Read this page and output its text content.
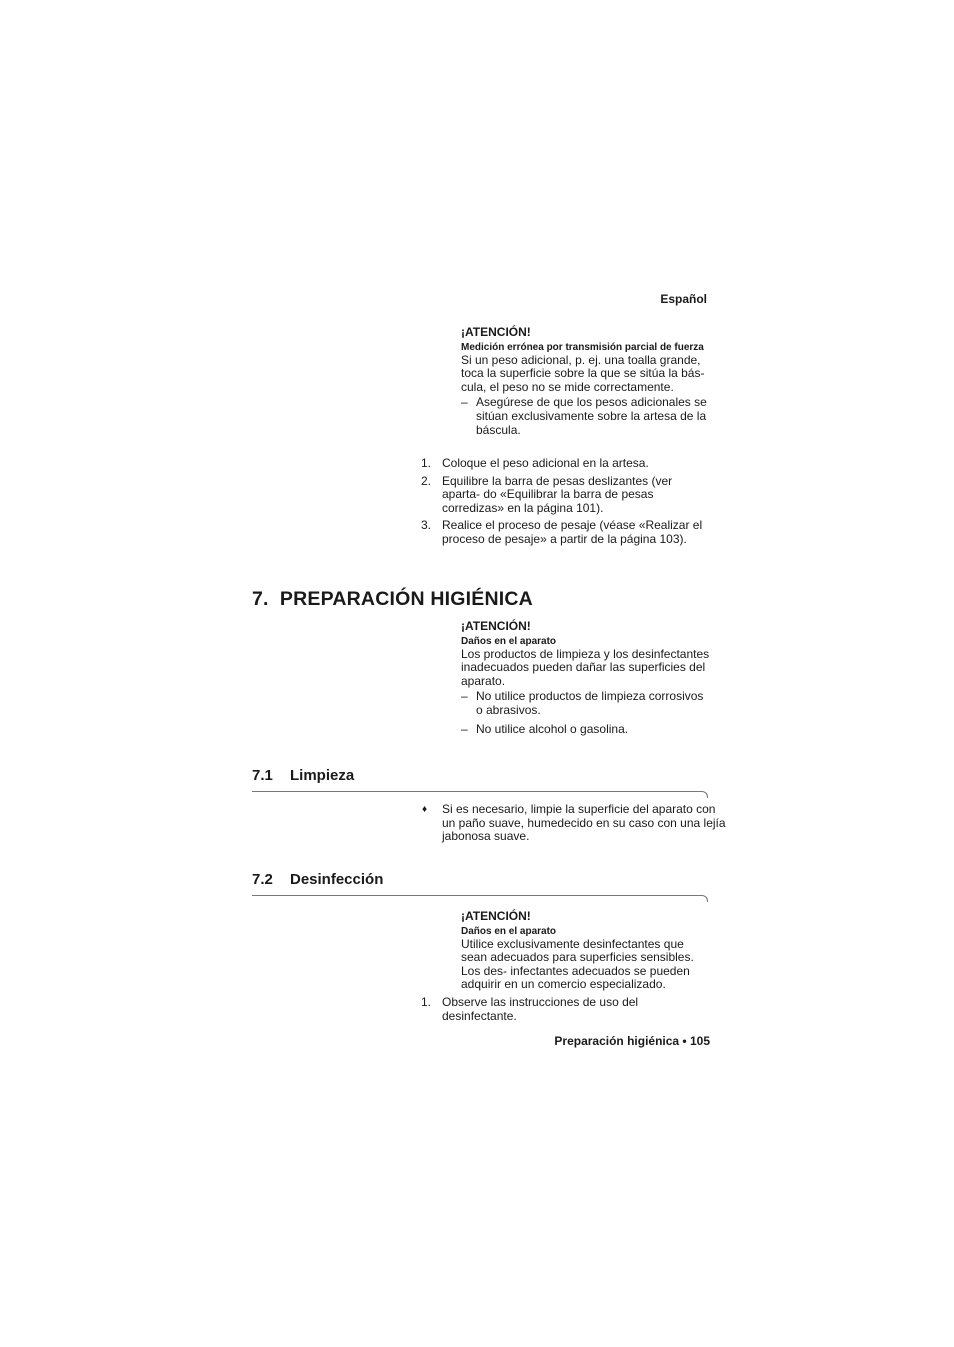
Español

¡ATENCIÓN!

Medición errónea por transmisión parcial de fuerza

Si un peso adicional, p. ej. una toalla grande, toca la superficie sobre la que se sitúa la bás- cula, el peso no se mide correctamente.

– Asegúrese de que los pesos adicionales se sitúan exclusivamente sobre la artesa de la báscula.
1. Coloque el peso adicional en la artesa.
2. Equilibre la barra de pesas deslizantes (ver aparta- do «Equilibrar la barra de pesas corredizas» en la página 101).
3. Realice el proceso de pesaje (véase «Realizar el proceso de pesaje» a partir de la página 103).
7.  PREPARACIÓN HIGIÉNICA

¡ATENCIÓN!

Daños en el aparato

Los productos de limpieza y los desinfectantes inadecuados pueden dañar las superficies del aparato.

– No utilice productos de limpieza corrosivos o abrasivos.
– No utilice alcohol o gasolina.
7.1 Limpieza
♦ Si es necesario, limpie la superficie del aparato con un paño suave, humedecido en su caso con una lejía jabonosa suave.
7.2 Desinfección

¡ATENCIÓN!

Daños en el aparato

Utilice exclusivamente desinfectantes que sean adecuados para superficies sensibles. Los des- infectantes adecuados se pueden adquirir en un comercio especializado.

1. Observe las instrucciones de uso del desinfectante.
Preparación higiénica • 105
